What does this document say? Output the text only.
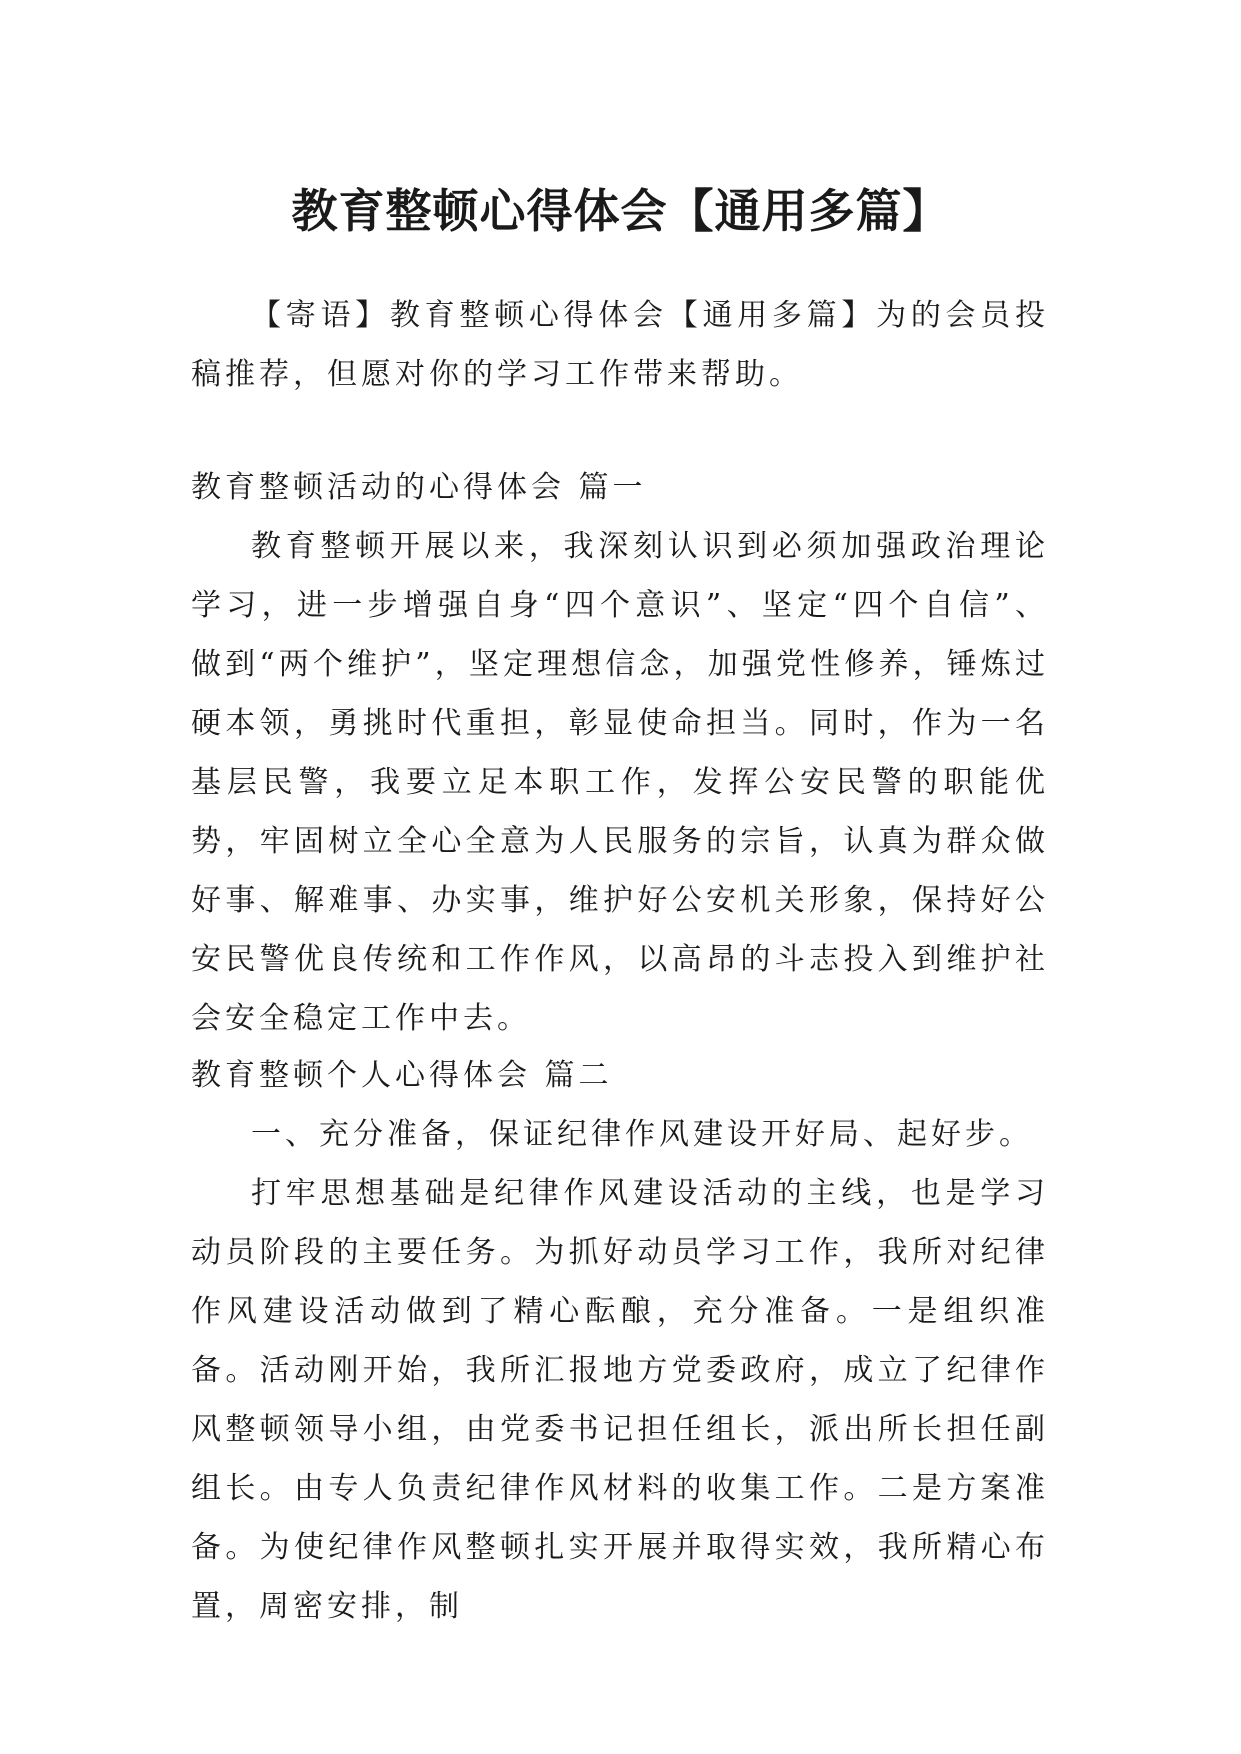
教育整顿心得体会【通用多篇】

【寄语】教育整顿心得体会【通用多篇】为的会员投稿推荐，但愿对你的学习工作带来帮助。

教育整顿活动的心得体会 篇一

教育整顿开展以来，我深刻认识到必须加强政治理论学习，进一步增强自身“四个意识”、坚定“四个自信”、做到“两个维护”，坚定理想信念，加强党性修养，锤炼过硬本领，勇挑时代重担，彰显使命担当。同时，作为一名基层民警，我要立足本职工作，发挥公安民警的职能优势，牢固树立全心全意为人民服务的宗旨，认真为群众做好事、解难事、办实事，维护好公安机关形象，保持好公安民警优良传统和工作作风，以高昂的斗志投入到维护社会安全稳定工作中去。

教育整顿个人心得体会 篇二

一、充分准备，保证纪律作风建设开好局、起好步。

打牢思想基础是纪律作风建设活动的主线，也是学习动员阶段的主要任务。为抓好动员学习工作，我所对纪律作风建设活动做到了精心酝酿，充分准备。一是组织准备。活动刚开始，我所汇报地方党委政府，成立了纪律作风整顿领导小组，由党委书记担任组长，派出所长担任副组长。由专人负责纪律作风材料的收集工作。二是方案准备。为使纪律作风整顿扎实开展并取得实效，我所精心布置，周密安排，制
